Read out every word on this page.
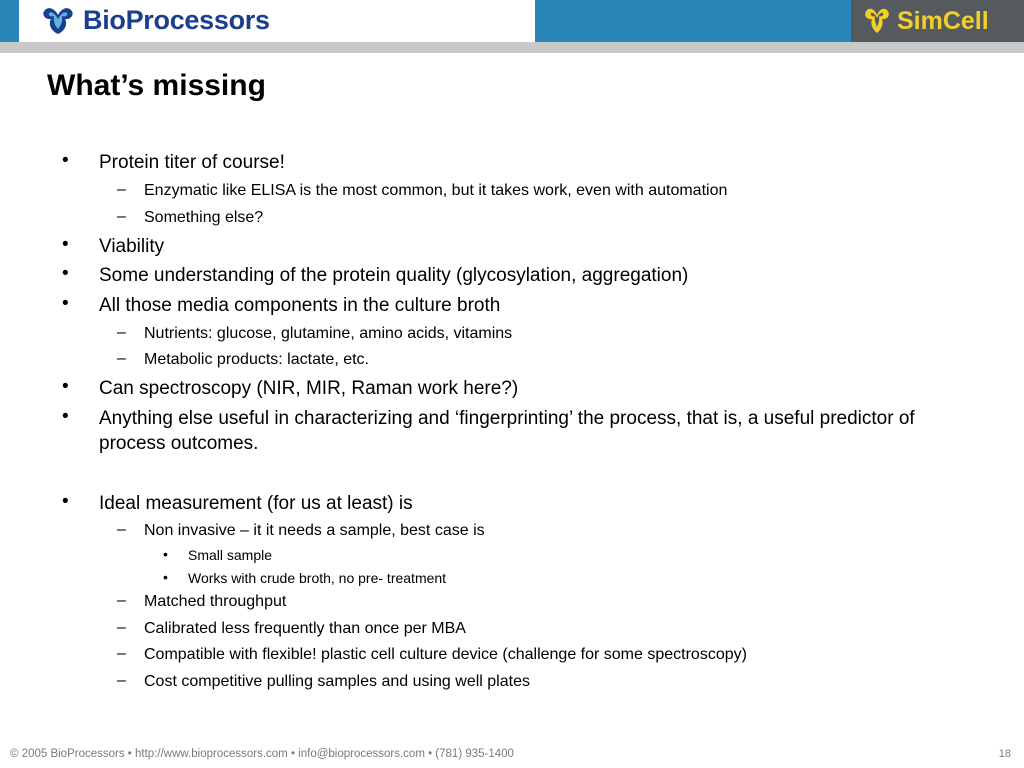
BioProcessors	SimCell
What’s missing
• Protein titer of course!
– Enzymatic like ELISA is the most common, but it takes work, even with automation
– Something else?
• Viability
• Some understanding of the protein quality (glycosylation, aggregation)
• All those media components in the culture broth
– Nutrients: glucose, glutamine, amino acids, vitamins
– Metabolic products: lactate, etc.
• Can spectroscopy (NIR, MIR, Raman work here?)
• Anything else useful in characterizing and ‘fingerprinting’ the process, that is, a useful predictor of process outcomes.
• Ideal measurement (for us at least) is
– Non invasive – it it needs a sample, best case is
• Small sample
• Works with crude broth, no pre- treatment
– Matched throughput
– Calibrated less frequently than once per MBA
– Compatible with flexible! plastic cell culture device (challenge for some spectroscopy)
– Cost competitive pulling samples and using well plates
© 2005 BioProcessors • http://www.bioprocessors.com • info@bioprocessors.com • (781) 935-1400	18
